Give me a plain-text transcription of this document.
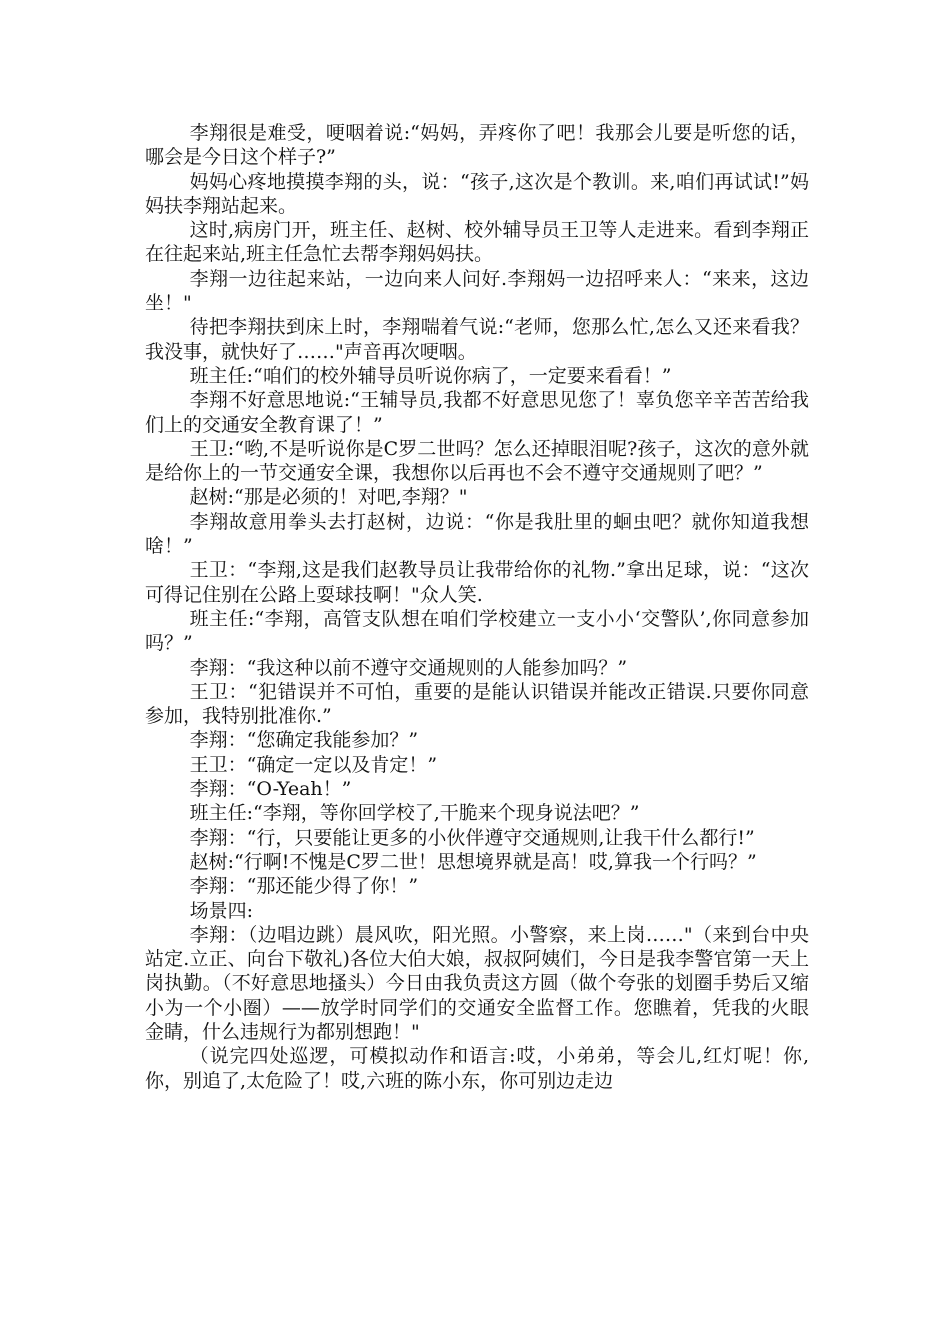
李翔很是难受，哽咽着说:“妈妈，弄疼你了吧！我那会儿要是听您的话，哪会是今日这个样子?”

妈妈心疼地摸摸李翔的头，说：“孩子,这次是个教训。来,咱们再试试!”妈妈扶李翔站起来。

这时,病房门开，班主任、赵树、校外辅导员王卫等人走进来。看到李翔正在往起来站,班主任急忙去帮李翔妈妈扶。

李翔一边往起来站，一边向来人问好.李翔妈一边招呼来人：“来来，这边坐！"

待把李翔扶到床上时，李翔喘着气说:“老师，您那么忙,怎么又还来看我？我没事，就快好了……"声音再次哽咽。

班主任:“咱们的校外辅导员听说你病了，一定要来看看！”

李翔不好意思地说:“王辅导员,我都不好意思见您了！辜负您辛辛苦苦给我们上的交通安全教育课了！”

王卫:“哟,不是听说你是C罗二世吗？怎么还掉眼泪呢?孩子，这次的意外就是给你上的一节交通安全课，我想你以后再也不会不遵守交通规则了吧？”

赵树:“那是必须的！对吧,李翔？"

李翔故意用拳头去打赵树，边说：“你是我肚里的蛔虫吧？就你知道我想啥！”

王卫：“李翔,这是我们赵教导员让我带给你的礼物.”拿出足球，说：“这次可得记住别在公路上耍球技啊！"众人笑.

班主任:“李翔，高管支队想在咱们学校建立一支小小‘交警队’,你同意参加吗？”

李翔：“我这种以前不遵守交通规则的人能参加吗？”

王卫：“犯错误并不可怕，重要的是能认识错误并能改正错误.只要你同意参加，我特别批准你.”

李翔：“您确定我能参加？”

王卫：“确定一定以及肯定！”

李翔：“O-Yeah！”

班主任:“李翔，等你回学校了,干脆来个现身说法吧？”

李翔：“行，只要能让更多的小伙伴遵守交通规则,让我干什么都行!”

赵树:“行啊!不愧是C罗二世！思想境界就是高！哎,算我一个行吗？”

李翔：“那还能少得了你！”

场景四:

李翔：（边唱边跳）晨风吹，阳光照。小警察，来上岗……"（来到台中央站定.立正、向台下敬礼)各位大伯大娘，叔叔阿姨们，今日是我李警官第一天上岗执勤。（不好意思地搔头）今日由我负责这方圆（做个夸张的划圈手势后又缩小为一个小圈）——放学时同学们的交通安全监督工作。您瞧着，凭我的火眼金睛，什么违规行为都别想跑！"

（说完四处巡逻，可模拟动作和语言:哎，小弟弟，等会儿,红灯呢！你,你，别追了,太危险了！哎,六班的陈小东，你可别边走边
